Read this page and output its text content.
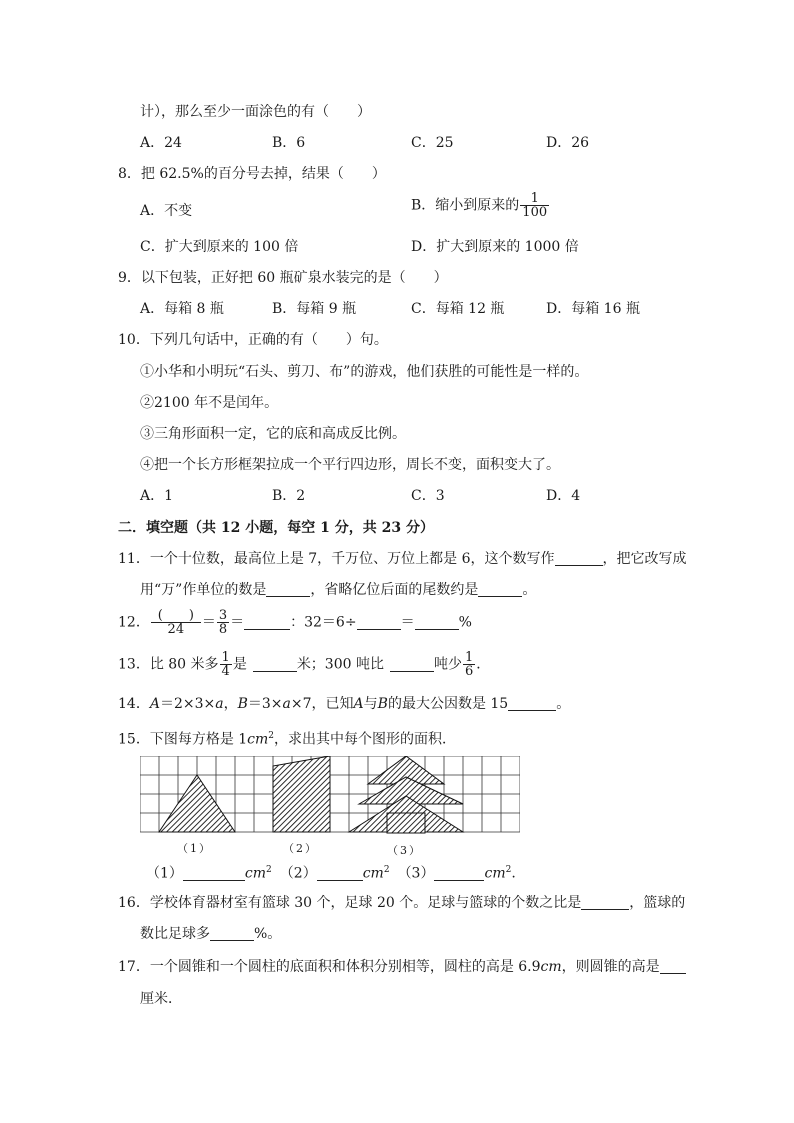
计），那么至少一面涂色的有（　　）
A．24	B．6	C．25	D．26
8．把 62.5%的百分号去掉，结果（　　）
A．不变	B．缩小到原来的 $\frac{1}{100}$
C．扩大到原来的 100 倍	D．扩大到原来的 1000 倍
9．以下包装，正好把 60 瓶矿泉水装完的是（　　）
A．每箱 8 瓶	B．每箱 9 瓶	C．每箱 12 瓶	D．每箱 16 瓶
10．下列几句话中，正确的有（　　）句。
①小华和小明玩“石头、剪刀、布”的游戏，他们获胜的可能性是一样的。
②2100 年不是闰年。
③三角形面积一定，它的底和高成反比例。
④把一个长方形框架拉成一个平行四边形，周长不变，面积变大了。
A．1	B．2	C．3	D．4
二．填空题（共 12 小题，每空 1 分，共 23 分）
11．一个十位数，最高位上是 7，千万位、万位上都是 6，这个数写作	，把它改写成
用“万”作单位的数是	，省略亿位后面的尾数约是	。
12． $\frac{( )}{24} = \frac{3}{8}$ ＝	：32＝6÷	＝	%
13．比 80 米多 $\frac{1}{4}$ 是	米；300 吨比	吨少 $\frac{1}{6}$ ．
14．A＝2×3×a，B＝3×a×7，已知A与B的最大公因数是 15	。
15．下图每方格是 $1cm^2$，求出其中每个图形的面积．
（1）	（2）	（3）
（1）	$cm^2$ （2）	$cm^2$ （3）	$cm^2$.
16．学校体育器材室有篮球 30 个，足球 20 个。足球与篮球的个数之比是	，篮球的
数比足球多	%。
17．一个圆锥和一个圆柱的底面积和体积分别相等，圆柱的高是 6.9cm，则圆锥的高是
厘米．
